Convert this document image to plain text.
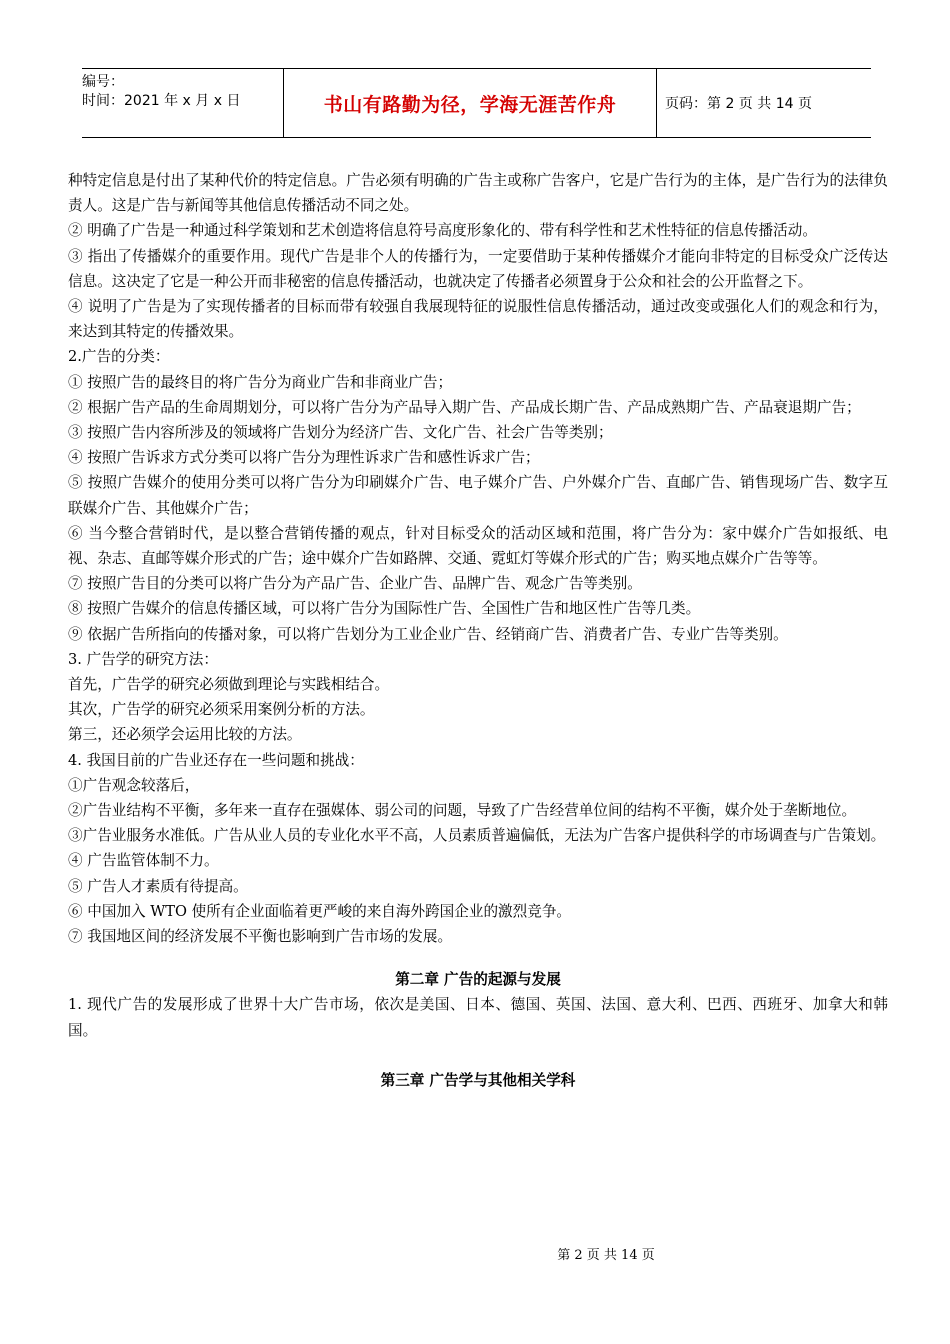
编号：
时间：2021 年 x 月 x 日	书山有路勤为径，学海无涯苦作舟	页码：第 2 页 共 14 页

种特定信息是付出了某种代价的特定信息。广告必须有明确的广告主或称广告客户，它是广告行为的主体，是广告行为的法律负责人。这是广告与新闻等其他信息传播活动不同之处。

② 明确了广告是一种通过科学策划和艺术创造将信息符号高度形象化的、带有科学性和艺术性特征的信息传播活动。

③ 指出了传播媒介的重要作用。现代广告是非个人的传播行为，一定要借助于某种传播媒介才能向非特定的目标受众广泛传达信息。这决定了它是一种公开而非秘密的信息传播活动，也就决定了传播者必须置身于公众和社会的公开监督之下。

④ 说明了广告是为了实现传播者的目标而带有较强自我展现特征的说服性信息传播活动，通过改变或强化人们的观念和行为，来达到其特定的传播效果。

2.广告的分类：

① 按照广告的最终目的将广告分为商业广告和非商业广告；

② 根据广告产品的生命周期划分，可以将广告分为产品导入期广告、产品成长期广告、产品成熟期广告、产品衰退期广告；

③ 按照广告内容所涉及的领域将广告划分为经济广告、文化广告、社会广告等类别；

④ 按照广告诉求方式分类可以将广告分为理性诉求广告和感性诉求广告；

⑤ 按照广告媒介的使用分类可以将广告分为印刷媒介广告、电子媒介广告、户外媒介广告、直邮广告、销售现场广告、数字互联媒介广告、其他媒介广告；

⑥ 当今整合营销时代，是以整合营销传播的观点，针对目标受众的活动区域和范围，将广告分为：家中媒介广告如报纸、电视、杂志、直邮等媒介形式的广告；途中媒介广告如路牌、交通、霓虹灯等媒介形式的广告；购买地点媒介广告等等。

⑦ 按照广告目的分类可以将广告分为产品广告、企业广告、品牌广告、观念广告等类别。

⑧ 按照广告媒介的信息传播区域，可以将广告分为国际性广告、全国性广告和地区性广告等几类。

⑨ 依据广告所指向的传播对象，可以将广告划分为工业企业广告、经销商广告、消费者广告、专业广告等类别。

3. 广告学的研究方法：

首先，广告学的研究必须做到理论与实践相结合。

其次，广告学的研究必须采用案例分析的方法。

第三，还必须学会运用比较的方法。

4. 我国目前的广告业还存在一些问题和挑战：

①广告观念较落后，

②广告业结构不平衡，多年来一直存在强媒体、弱公司的问题，导致了广告经营单位间的结构不平衡，媒介处于垄断地位。

③广告业服务水准低。广告从业人员的专业化水平不高，人员素质普遍偏低，无法为广告客户提供科学的市场调查与广告策划。

④ 广告监管体制不力。

⑤ 广告人才素质有待提高。

⑥ 中国加入 WTO 使所有企业面临着更严峻的来自海外跨国企业的激烈竞争。

⑦ 我国地区间的经济发展不平衡也影响到广告市场的发展。

第二章 广告的起源与发展

1. 现代广告的发展形成了世界十大广告市场，依次是美国、日本、德国、英国、法国、意大利、巴西、西班牙、加拿大和韩国。

第三章 广告学与其他相关学科
第 2 页 共 14 页
